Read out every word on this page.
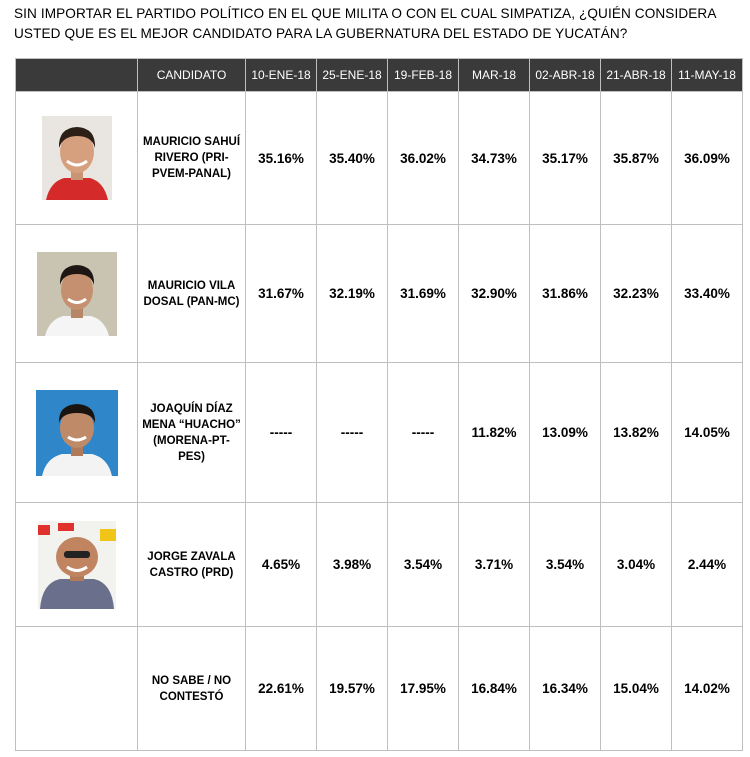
SIN IMPORTAR EL PARTIDO POLÍTICO EN EL QUE MILITA O CON EL CUAL SIMPATIZA, ¿QUIÉN CONSIDERA USTED QUE ES EL MEJOR CANDIDATO PARA LA GUBERNATURA DEL ESTADO DE YUCATÁN?
	CANDIDATO	10-ENE-18	25-ENE-18	19-FEB-18	MAR-18	02-ABR-18	21-ABR-18	11-MAY-18

	MAURICIO SAHUÍ RIVERO (PRI-PVEM-PANAL)	35.16%	35.40%	36.02%	34.73%	35.17%	35.87%	36.09%

	MAURICIO VILA DOSAL (PAN-MC)	31.67%	32.19%	31.69%	32.90%	31.86%	32.23%	33.40%

	JOAQUÍN DÍAZ MENA “HUACHO” (MORENA-PT-PES)	-----	-----	-----	11.82%	13.09%	13.82%	14.05%

	JORGE ZAVALA CASTRO (PRD)	4.65%	3.98%	3.54%	3.71%	3.54%	3.04%	2.44%
	NO SABE / NO CONTESTÓ	22.61%	19.57%	17.95%	16.84%	16.34%	15.04%	14.02%
